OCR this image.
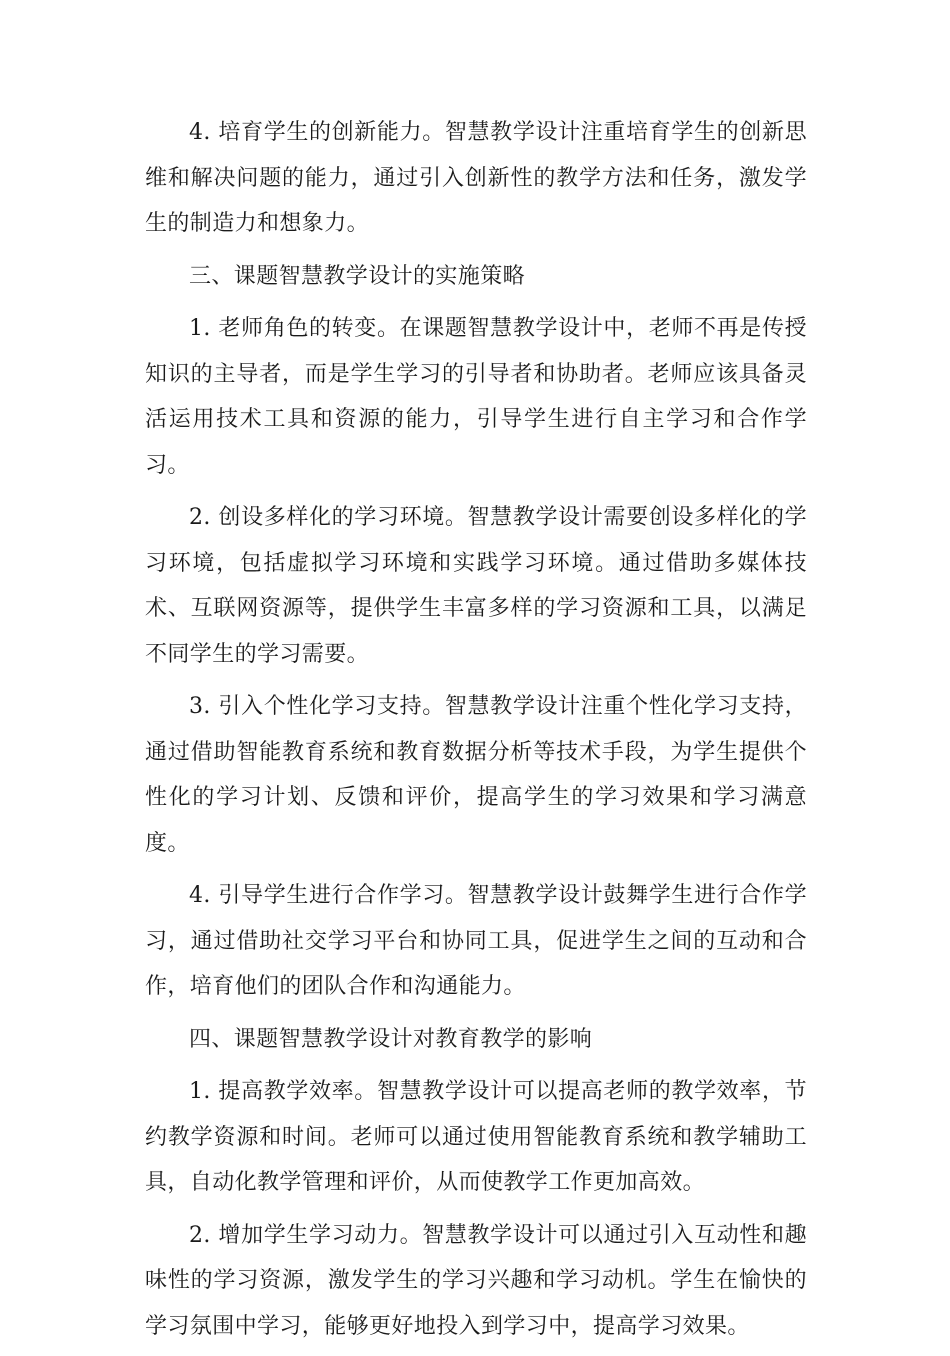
4. 培育学生的创新能力。智慧教学设计注重培育学生的创新思维和解决问题的能力，通过引入创新性的教学方法和任务，激发学生的制造力和想象力。

三、课题智慧教学设计的实施策略

1. 老师角色的转变。在课题智慧教学设计中，老师不再是传授知识的主导者，而是学生学习的引导者和协助者。老师应该具备灵活运用技术工具和资源的能力，引导学生进行自主学习和合作学习。

2. 创设多样化的学习环境。智慧教学设计需要创设多样化的学习环境，包括虚拟学习环境和实践学习环境。通过借助多媒体技术、互联网资源等，提供学生丰富多样的学习资源和工具，以满足不同学生的学习需要。

3. 引入个性化学习支持。智慧教学设计注重个性化学习支持，通过借助智能教育系统和教育数据分析等技术手段，为学生提供个性化的学习计划、反馈和评价，提高学生的学习效果和学习满意度。

4. 引导学生进行合作学习。智慧教学设计鼓舞学生进行合作学习，通过借助社交学习平台和协同工具，促进学生之间的互动和合作，培育他们的团队合作和沟通能力。

四、课题智慧教学设计对教育教学的影响

1. 提高教学效率。智慧教学设计可以提高老师的教学效率，节约教学资源和时间。老师可以通过使用智能教育系统和教学辅助工具，自动化教学管理和评价，从而使教学工作更加高效。

2. 增加学生学习动力。智慧教学设计可以通过引入互动性和趣味性的学习资源，激发学生的学习兴趣和学习动机。学生在愉快的学习氛围中学习，能够更好地投入到学习中，提高学习效果。
